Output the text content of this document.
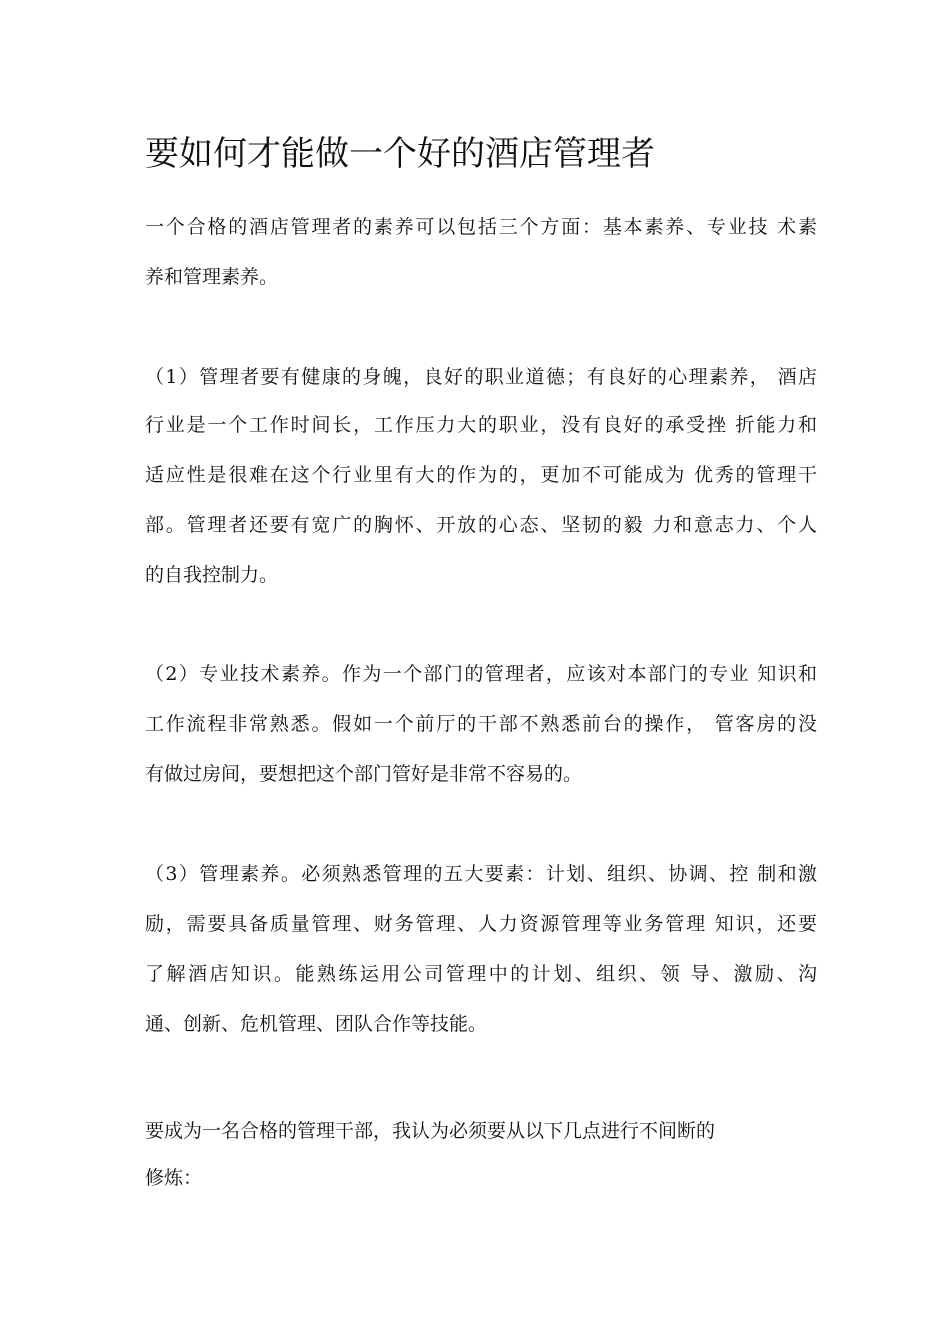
要如何才能做一个好的酒店管理者

一个合格的酒店管理者的素养可以包括三个方面：基本素养、专业技 术素

养和管理素养。

（1）管理者要有健康的身魄，良好的职业道德；有良好的心理素养， 酒店

行业是一个工作时间长，工作压力大的职业，没有良好的承受挫 折能力和

适应性是很难在这个行业里有大的作为的，更加不可能成为 优秀的管理干

部。管理者还要有宽广的胸怀、开放的心态、坚韧的毅 力和意志力、个人

的自我控制力。

（2）专业技术素养。作为一个部门的管理者，应该对本部门的专业 知识和

工作流程非常熟悉。假如一个前厅的干部不熟悉前台的操作， 管客房的没

有做过房间，要想把这个部门管好是非常不容易的。

（3）管理素养。必须熟悉管理的五大要素：计划、组织、协调、控 制和激

励，需要具备质量管理、财务管理、人力资源管理等业务管理 知识，还要

了解酒店知识。能熟练运用公司管理中的计划、组织、领 导、激励、沟

通、创新、危机管理、团队合作等技能。

要成为一名合格的管理干部，我认为必须要从以下几点进行不间断的

修炼：
